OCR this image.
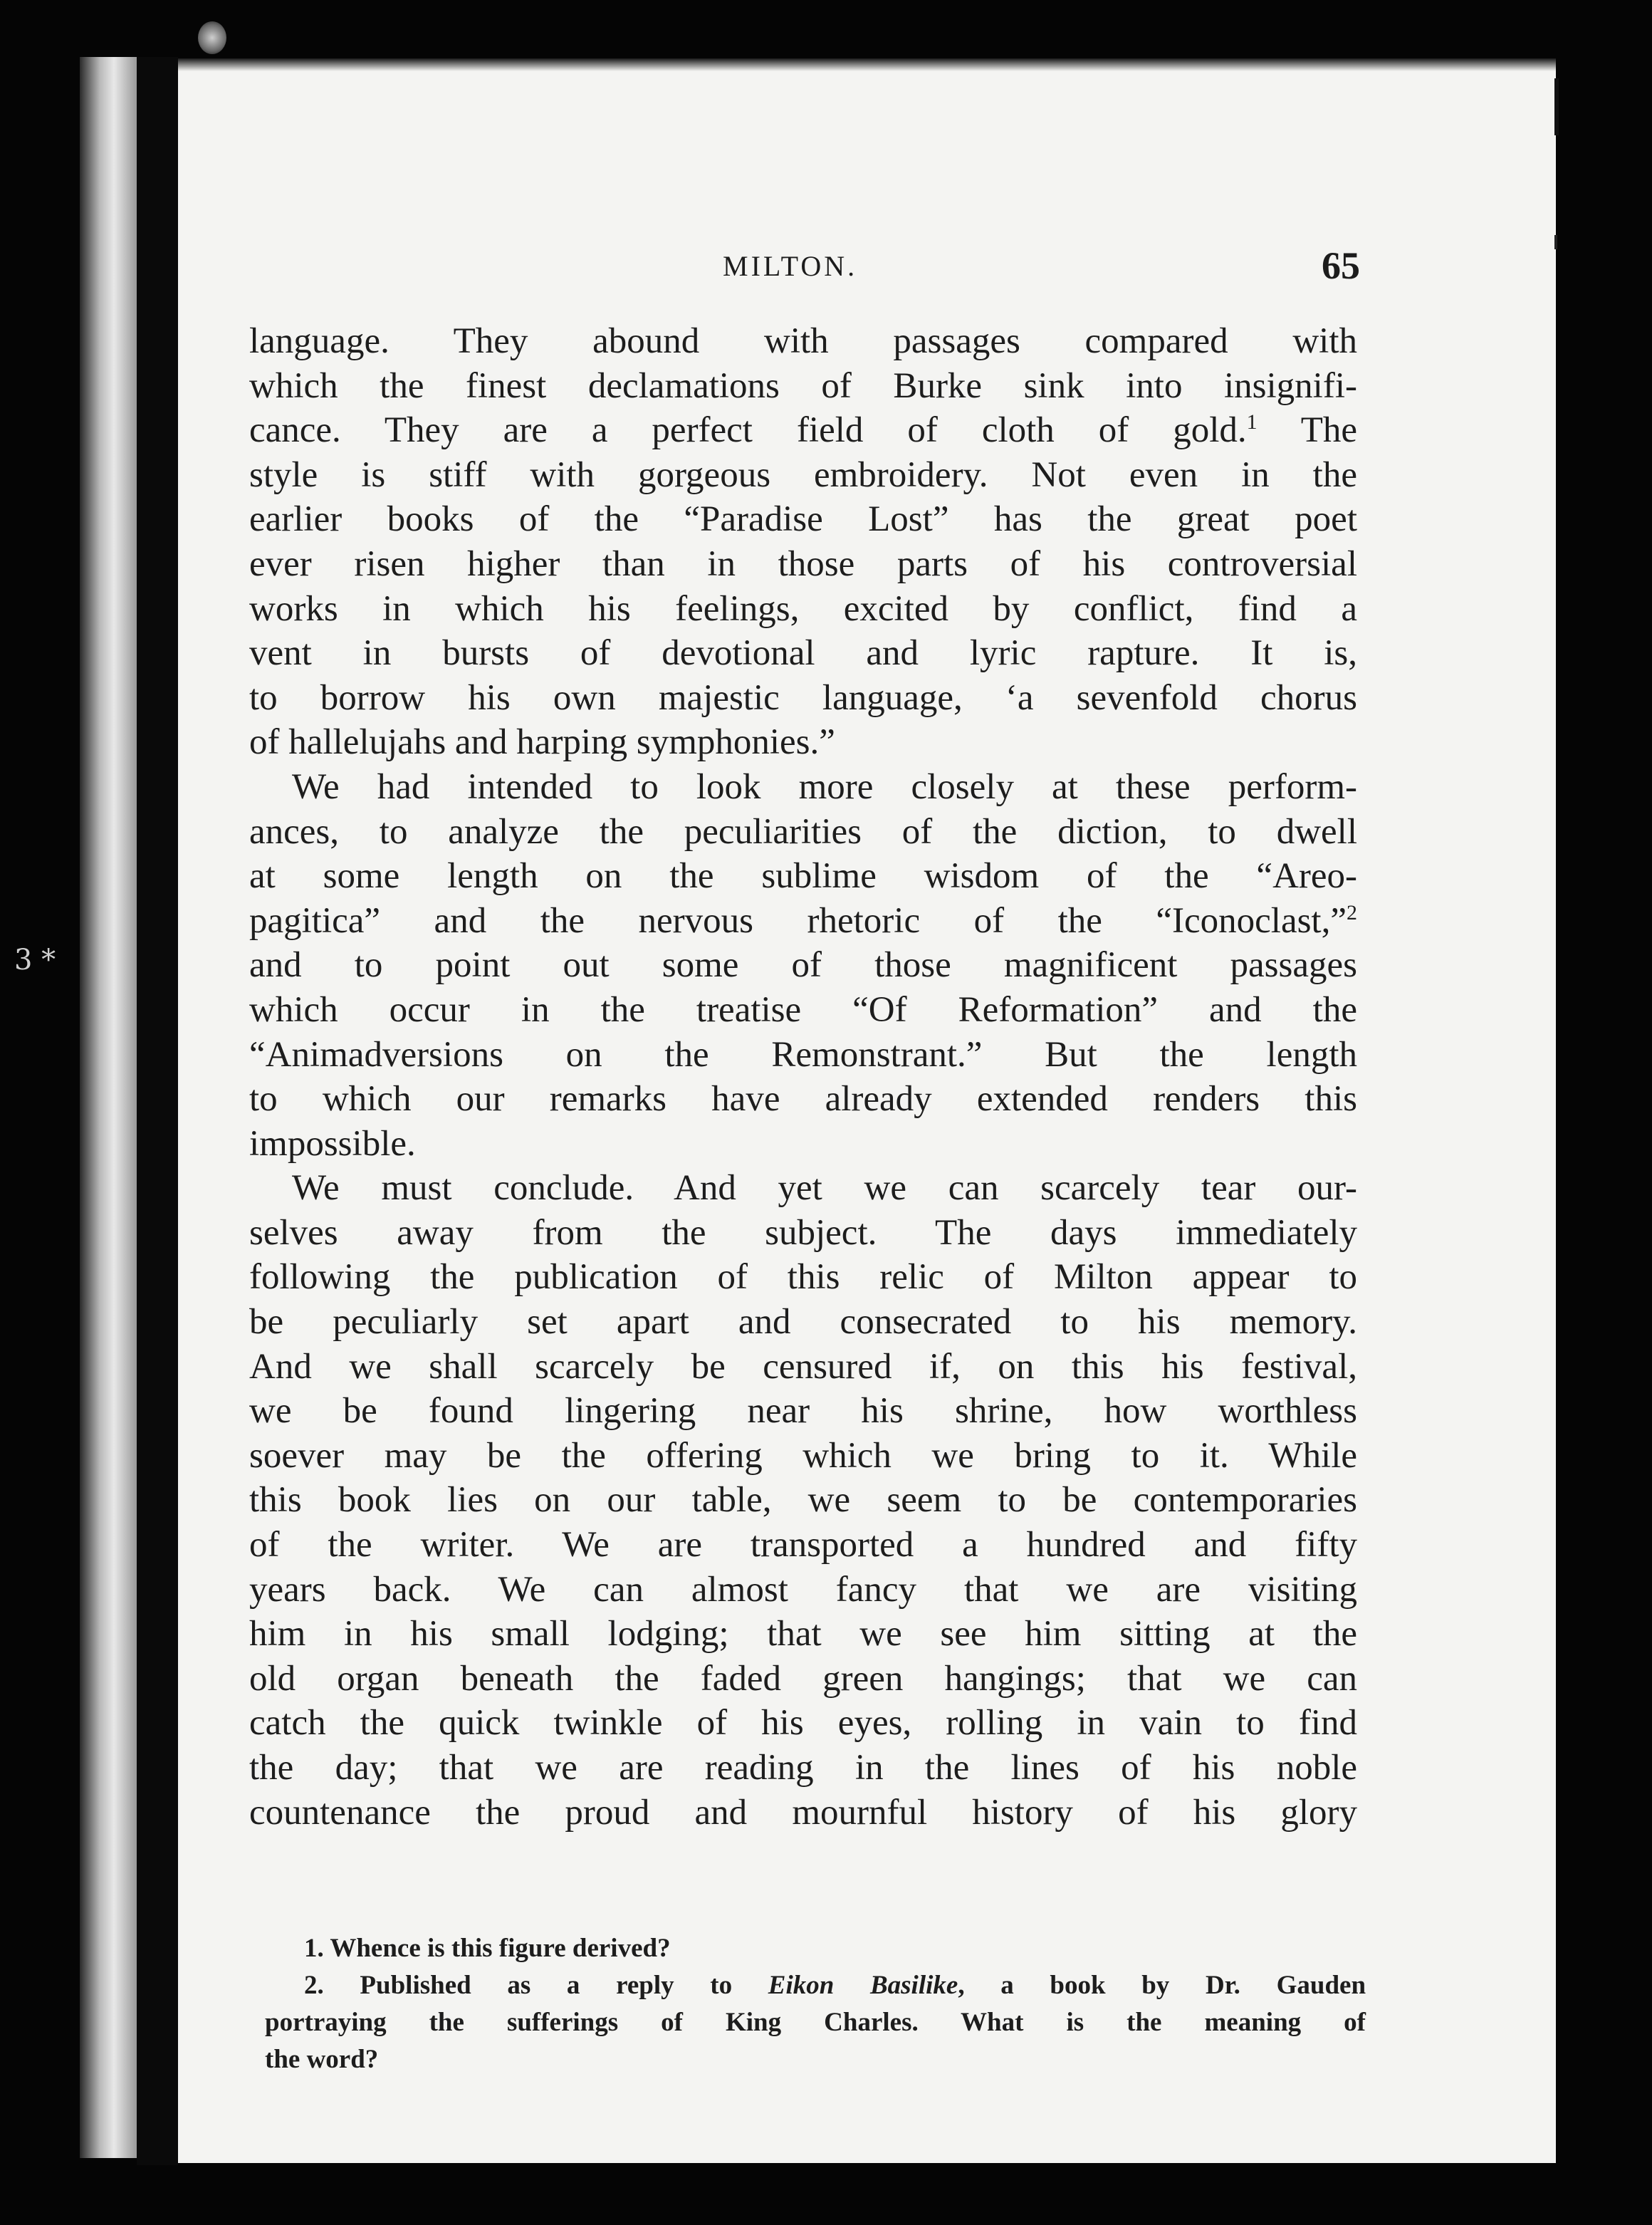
3 *
MILTON.	65
language. They abound with passages compared with
which the finest declamations of Burke sink into insignifi-
cance. They are a perfect field of cloth of gold.$^1$ The
style is stiff with gorgeous embroidery. Not even in the
earlier books of the “Paradise Lost” has the great poet
ever risen higher than in those parts of his controversial
works in which his feelings, excited by conflict, find a
vent in bursts of devotional and lyric rapture. It is,
to borrow his own majestic language, ‘a sevenfold chorus
of hallelujahs and harping symphonies.”
We had intended to look more closely at these perform-
ances, to analyze the peculiarities of the diction, to dwell
at some length on the sublime wisdom of the “Areo-
pagitica” and the nervous rhetoric of the “Iconoclast,”$^2$
and to point out some of those magnificent passages
which occur in the treatise “Of Reformation” and the
“Animadversions on the Remonstrant.” But the length
to which our remarks have already extended renders this
impossible.
We must conclude. And yet we can scarcely tear our-
selves away from the subject. The days immediately
following the publication of this relic of Milton appear to
be peculiarly set apart and consecrated to his memory.
And we shall scarcely be censured if, on this his festival,
we be found lingering near his shrine, how worthless
soever may be the offering which we bring to it. While
this book lies on our table, we seem to be contemporaries
of the writer. We are transported a hundred and fifty
years back. We can almost fancy that we are visiting
him in his small lodging; that we see him sitting at the
old organ beneath the faded green hangings; that we can
catch the quick twinkle of his eyes, rolling in vain to find
the day; that we are reading in the lines of his noble
countenance the proud and mournful history of his glory
1. Whence is this figure derived?
2. Published as a reply to Eikon Basilike, a book by Dr. Gauden
portraying the sufferings of King Charles. What is the meaning of
the word?
